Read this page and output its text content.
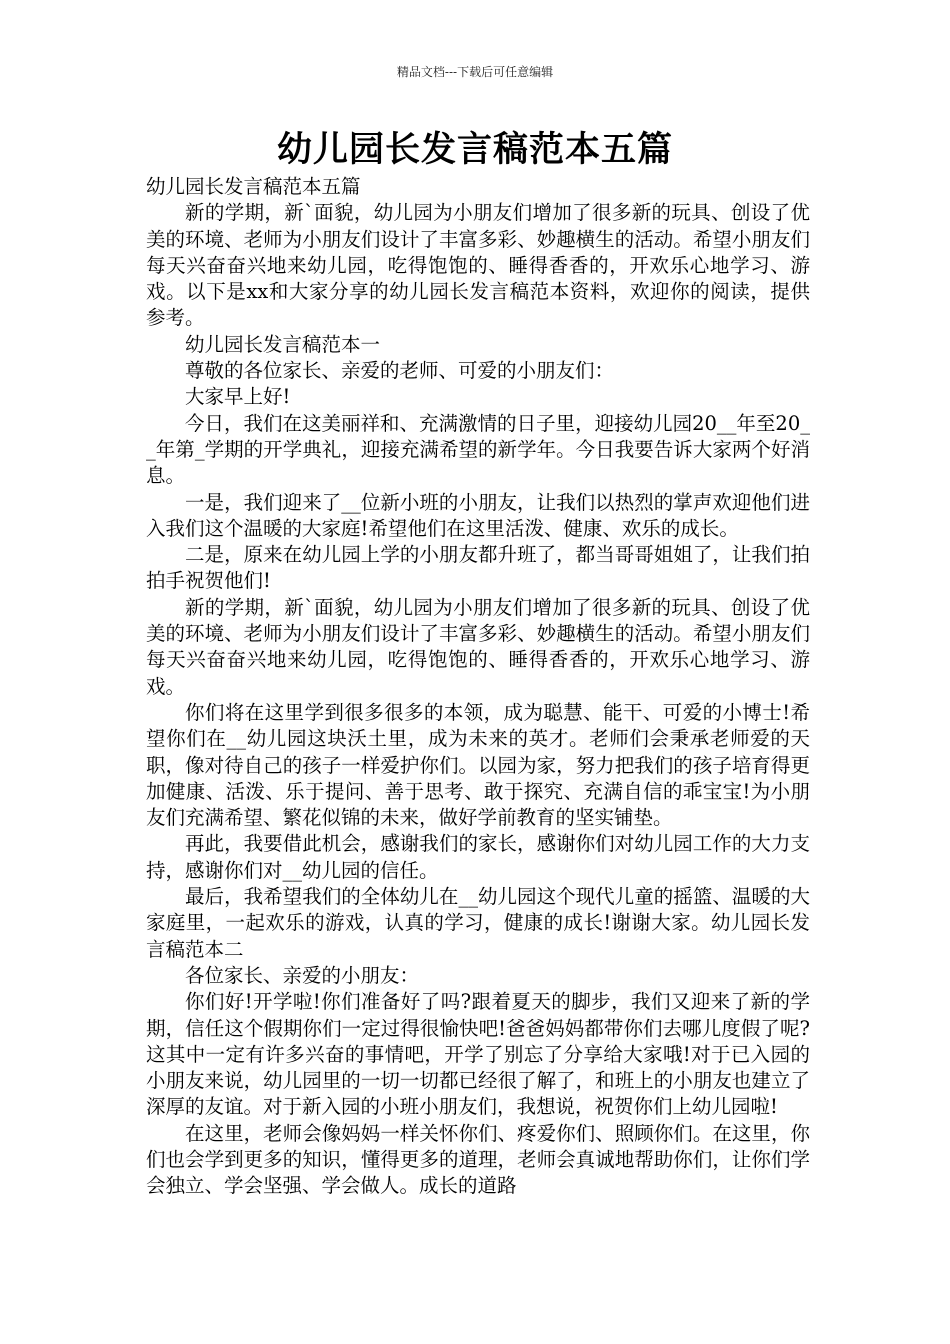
精品文档---下载后可任意编辑
幼儿园长发言稿范本五篇

幼儿园长发言稿范本五篇

新的学期，新`面貌，幼儿园为小朋友们增加了很多新的玩具、创设了优美的环境、老师为小朋友们设计了丰富多彩、妙趣横生的活动。希望小朋友们每天兴奋奋兴地来幼儿园，吃得饱饱的、睡得香香的，开欢乐心地学习、游戏。以下是xx和大家分享的幼儿园长发言稿范本资料，欢迎你的阅读，提供参考。

幼儿园长发言稿范本一

尊敬的各位家长、亲爱的老师、可爱的小朋友们：

大家早上好!

今日，我们在这美丽祥和、充满激情的日子里，迎接幼儿园20__年至20__年第_学期的开学典礼，迎接充满希望的新学年。今日我要告诉大家两个好消息。

一是，我们迎来了__位新小班的小朋友，让我们以热烈的掌声欢迎他们进入我们这个温暖的大家庭!希望他们在这里活泼、健康、欢乐的成长。

二是，原来在幼儿园上学的小朋友都升班了，都当哥哥姐姐了，让我们拍拍手祝贺他们!

新的学期，新`面貌，幼儿园为小朋友们增加了很多新的玩具、创设了优美的环境、老师为小朋友们设计了丰富多彩、妙趣横生的活动。希望小朋友们每天兴奋奋兴地来幼儿园，吃得饱饱的、睡得香香的，开欢乐心地学习、游戏。

你们将在这里学到很多很多的本领，成为聪慧、能干、可爱的小博士!希望你们在__幼儿园这块沃土里，成为未来的英才。老师们会秉承老师爱的天职，像对待自己的孩子一样爱护你们。以园为家，努力把我们的孩子培育得更加健康、活泼、乐于提问、善于思考、敢于探究、充满自信的乖宝宝!为小朋友们充满希望、繁花似锦的未来，做好学前教育的坚实铺垫。

再此，我要借此机会，感谢我们的家长，感谢你们对幼儿园工作的大力支持，感谢你们对__幼儿园的信任。

最后，我希望我们的全体幼儿在__幼儿园这个现代儿童的摇篮、温暖的大家庭里，一起欢乐的游戏，认真的学习，健康的成长!谢谢大家。幼儿园长发言稿范本二

各位家长、亲爱的小朋友：

你们好!开学啦!你们准备好了吗?跟着夏天的脚步，我们又迎来了新的学期，信任这个假期你们一定过得很愉快吧!爸爸妈妈都带你们去哪儿度假了呢?这其中一定有许多兴奋的事情吧，开学了别忘了分享给大家哦!对于已入园的小朋友来说，幼儿园里的一切一切都已经很了解了，和班上的小朋友也建立了深厚的友谊。对于新入园的小班小朋友们，我想说，祝贺你们上幼儿园啦!

在这里，老师会像妈妈一样关怀你们、疼爱你们、照顾你们。在这里，你们也会学到更多的知识，懂得更多的道理，老师会真诚地帮助你们，让你们学会独立、学会坚强、学会做人。成长的道路
